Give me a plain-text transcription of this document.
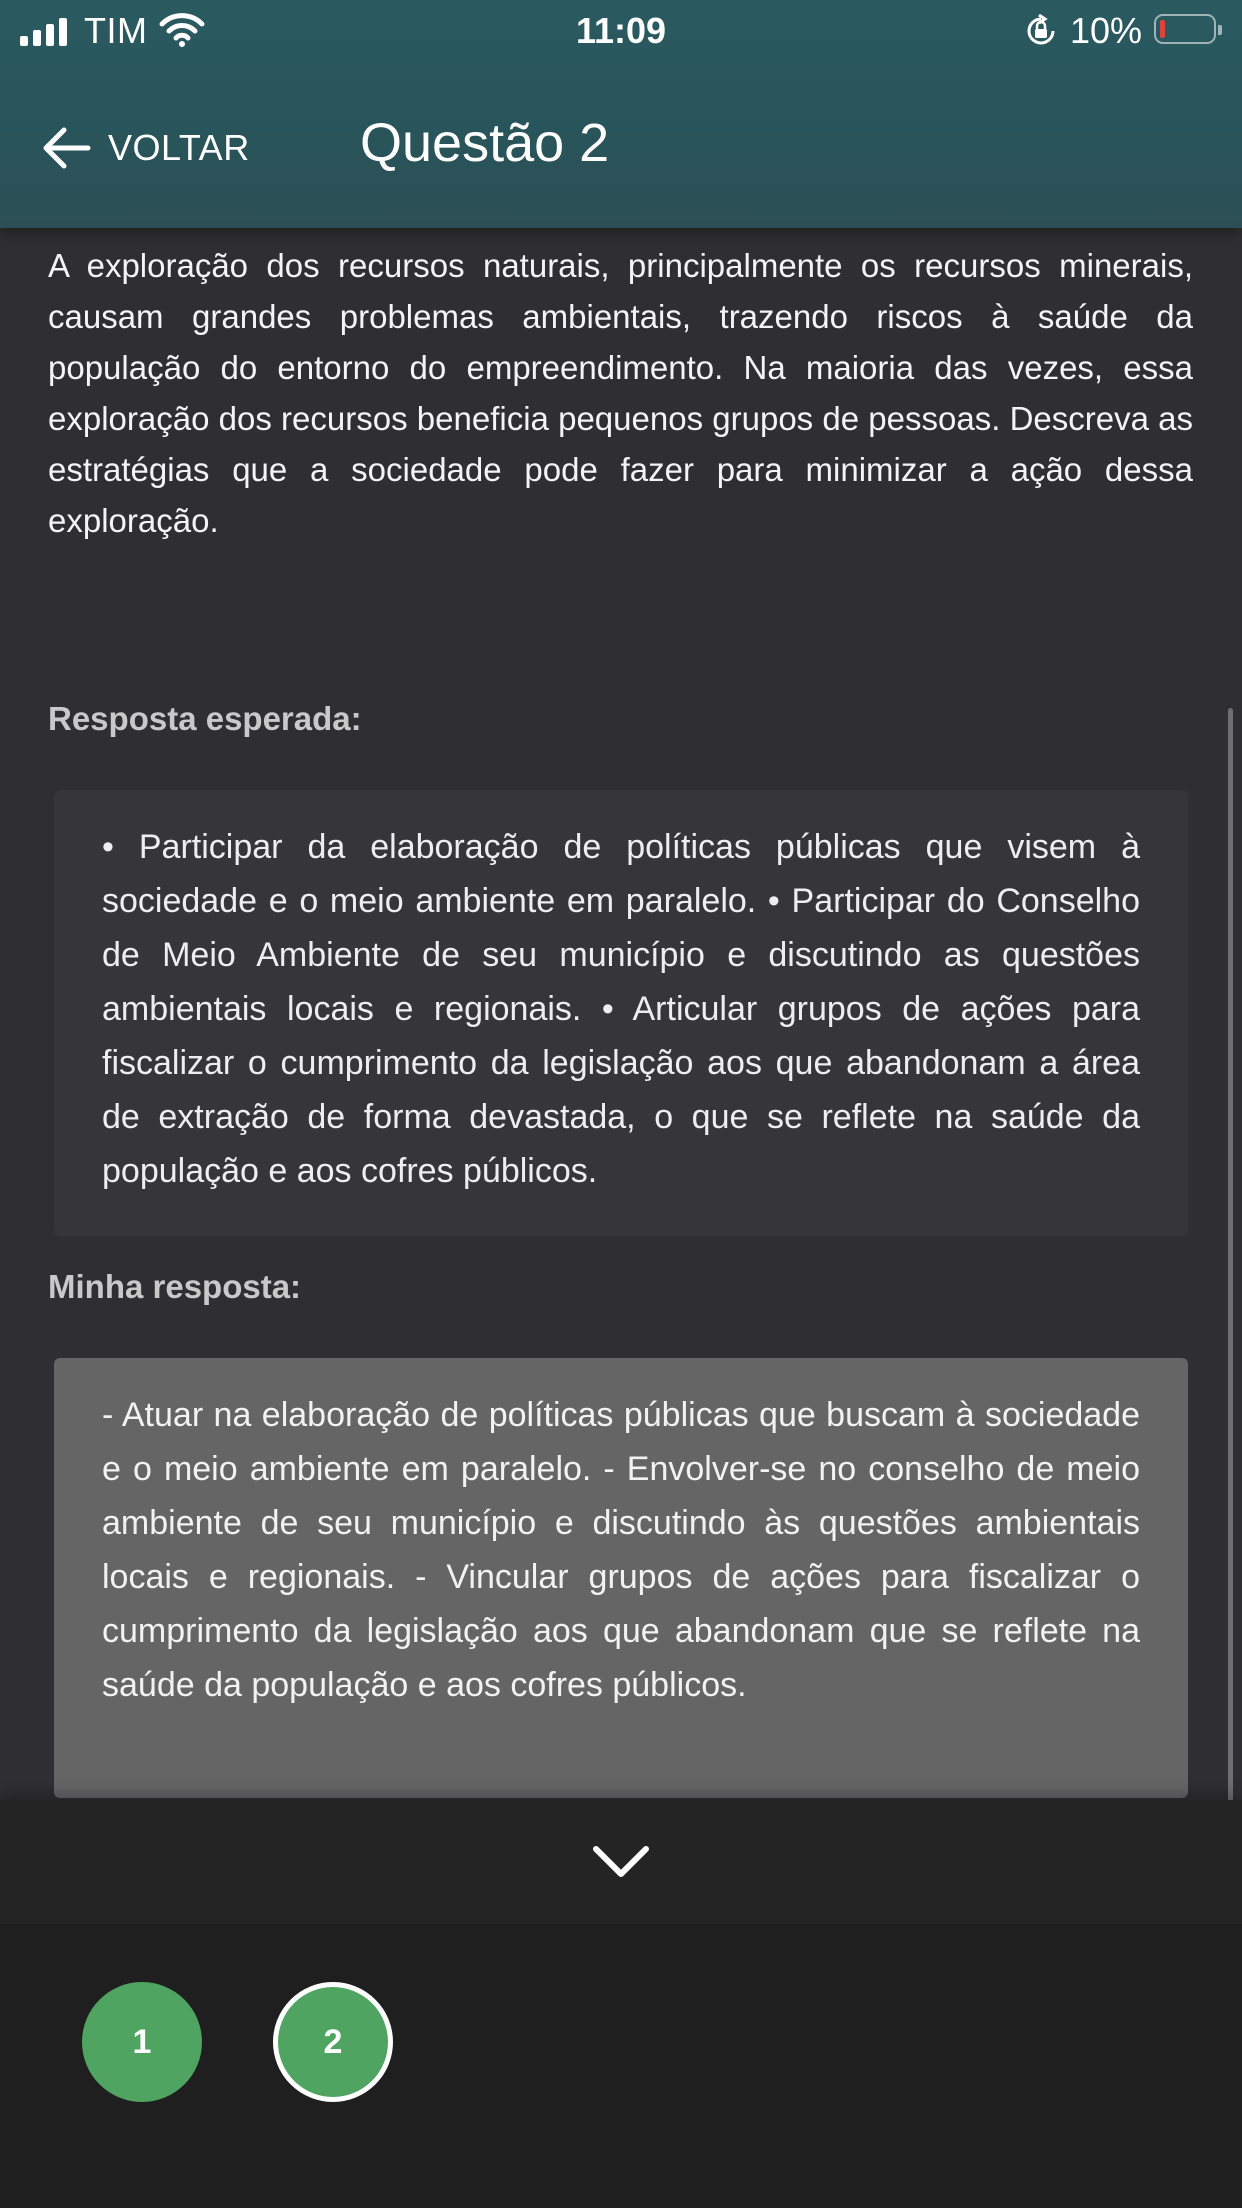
TIM	11:09	10%
VOLTAR Questão 2
A exploração dos recursos naturais, principalmente os recursos minerais, causam grandes problemas ambientais, trazendo riscos à saúde da população do entorno do empreendimento. Na maioria das vezes, essa exploração dos recursos beneficia pequenos grupos de pessoas. Descreva as estratégias que a sociedade pode fazer para minimizar a ação dessa exploração.
Resposta esperada:
• Participar da elaboração de políticas públicas que visem à sociedade e o meio ambiente em paralelo. • Participar do Conselho de Meio Ambiente de seu município e discutindo as questões ambientais locais e regionais. • Articular grupos de ações para fiscalizar o cumprimento da legislação aos que abandonam a área de extração de forma devastada, o que se reflete na saúde da população e aos cofres públicos.
Minha resposta:
- Atuar na elaboração de políticas públicas que buscam à sociedade e o meio ambiente em paralelo. - Envolver-se no conselho de meio ambiente de seu município e discutindo às questões ambientais locais e regionais. - Vincular grupos de ações para fiscalizar o cumprimento da legislação aos que abandonam que se reflete na saúde da população e aos cofres públicos.
1	2
